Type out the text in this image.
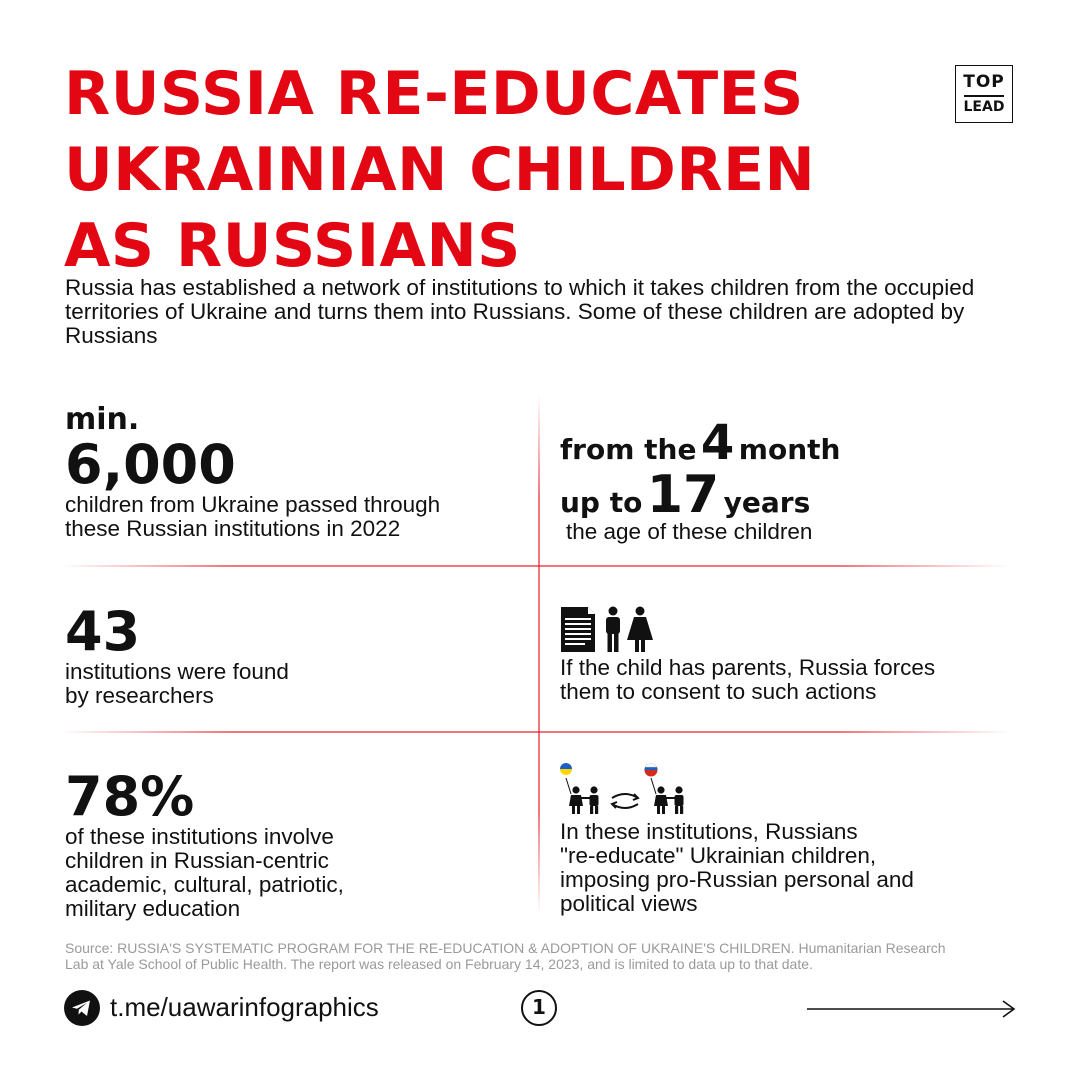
RUSSIA RE-EDUCATES
UKRAINIAN CHILDREN
AS RUSSIANS
TOP
LEAD

Russia has established a network of institutions to which it takes children from the occupied territories of Ukraine and turns them into Russians. Some of these children are adopted by Russians

min.
6,000
children from Ukraine passed through
these Russian institutions in 2022
from the 4 month
up to 17 years
the age of these children
43
institutions were found
by researchers
If the child has parents, Russia forces
them to consent to such actions
78%
of these institutions involve
children in Russian-centric
academic, cultural, patriotic,
military education
In these institutions, Russians
"re-educate" Ukrainian children,
imposing pro-Russian personal and
political views
Source: RUSSIA'S SYSTEMATIC PROGRAM FOR THE RE-EDUCATION & ADOPTION OF UKRAINE'S CHILDREN. Humanitarian Research
Lab at Yale School of Public Health. The report was released on February 14, 2023, and is limited to data up to that date.
t.me/uawarinfographics	1
